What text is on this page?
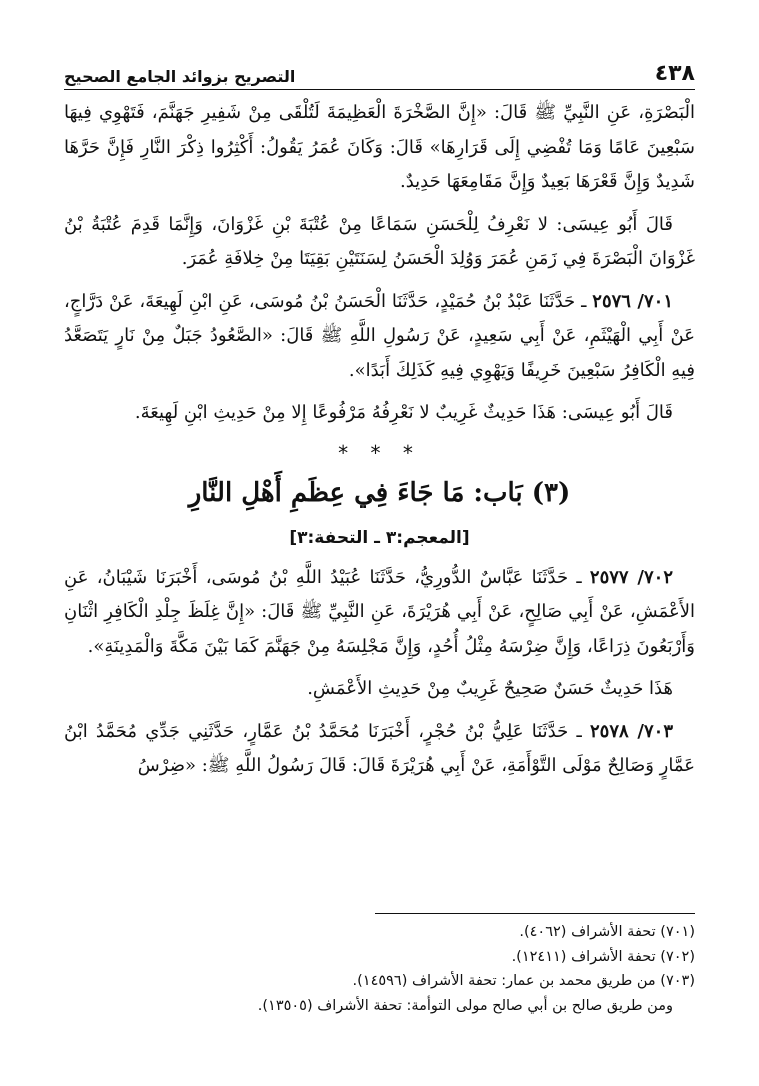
٤٣٨
التصريح بزوائد الجامع الصحيح

الْبَصْرَةِ، عَنِ النَّبِيِّ ﷺ قَالَ: «إِنَّ الصَّخْرَةَ الْعَظِيمَةَ لَتُلْقَى مِنْ شَفِيرِ جَهَنَّمَ، فَتَهْوِي فِيهَا سَبْعِينَ عَامًا وَمَا تُفْضِي إِلَى قَرَارِهَا» قَالَ: وَكَانَ عُمَرُ يَقُولُ: أَكْثِرُوا ذِكْرَ النَّارِ فَإِنَّ حَرَّهَا شَدِيدٌ وَإِنَّ قَعْرَهَا بَعِيدٌ وَإِنَّ مَقَامِعَهَا حَدِيدٌ.

قَالَ أَبُو عِيسَى: لا نَعْرِفُ لِلْحَسَنِ سَمَاعًا مِنْ عُتْبَةَ بْنِ غَزْوَانَ، وَإِنَّمَا قَدِمَ عُتْبَةُ بْنُ غَزْوَانَ الْبَصْرَةَ فِي زَمَنِ عُمَرَ وَوُلِدَ الْحَسَنُ لِسَنَتَيْنِ بَقِيَتَا مِنْ خِلافَةِ عُمَرَ.

٧٠١/ ٢٥٧٦ ـ حَدَّثَنَا عَبْدُ بْنُ حُمَيْدٍ، حَدَّثَنَا الْحَسَنُ بْنُ مُوسَى، عَنِ ابْنِ لَهِيعَةَ، عَنْ دَرَّاجٍ، عَنْ أَبِي الْهَيْثَمِ، عَنْ أَبِي سَعِيدٍ، عَنْ رَسُولِ اللَّهِ ﷺ قَالَ: «الصَّعُودُ جَبَلٌ مِنْ نَارٍ يَتَصَعَّدُ فِيهِ الْكَافِرُ سَبْعِينَ خَرِيفًا وَيَهْوِي فِيهِ كَذَلِكَ أَبَدًا».

قَالَ أَبُو عِيسَى: هَذَا حَدِيثٌ غَرِيبٌ لا نَعْرِفُهُ مَرْفُوعًا إِلا مِنْ حَدِيثِ ابْنِ لَهِيعَةَ.

* * *
(٣) بَاب: مَا جَاءَ فِي عِظَمِ أَهْلِ النَّارِ
[المعجم:٣ ـ التحفة:٣]

٧٠٢/ ٢٥٧٧ ـ حَدَّثَنَا عَبَّاسٌ الدُّورِيُّ، حَدَّثَنَا عُبَيْدُ اللَّهِ بْنُ مُوسَى، أَخْبَرَنَا شَيْبَانُ، عَنِ الأَعْمَشِ، عَنْ أَبِي صَالِحٍ، عَنْ أَبِي هُرَيْرَةَ، عَنِ النَّبِيِّ ﷺ قَالَ: «إِنَّ غِلَظَ جِلْدِ الْكَافِرِ اثْنَانِ وَأَرْبَعُونَ ذِرَاعًا، وَإِنَّ ضِرْسَهُ مِثْلُ أُحُدٍ، وَإِنَّ مَجْلِسَهُ مِنْ جَهَنَّمَ كَمَا بَيْنَ مَكَّةَ وَالْمَدِينَةِ».

هَذَا حَدِيثٌ حَسَنٌ صَحِيحٌ غَرِيبٌ مِنْ حَدِيثِ الأَعْمَشِ.

٧٠٣/ ٢٥٧٨ ـ حَدَّثَنَا عَلِيُّ بْنُ حُجْرٍ، أَخْبَرَنَا مُحَمَّدُ بْنُ عَمَّارٍ، حَدَّثَنِي جَدِّي مُحَمَّدُ ابْنُ عَمَّارٍ وَصَالِحٌ مَوْلَى التَّوْأَمَةِ، عَنْ أَبِي هُرَيْرَةَ قَالَ: قَالَ رَسُولُ اللَّهِ ﷺ: «ضِرْسُ

(٧٠١) تحفة الأشراف (٤٠٦٢).
(٧٠٢) تحفة الأشراف (١٢٤١١).
(٧٠٣) من طريق محمد بن عمار: تحفة الأشراف (١٤٥٩٦).
ومن طريق صالح بن أبي صالح مولى التوأمة: تحفة الأشراف (١٣٥٠٥).
